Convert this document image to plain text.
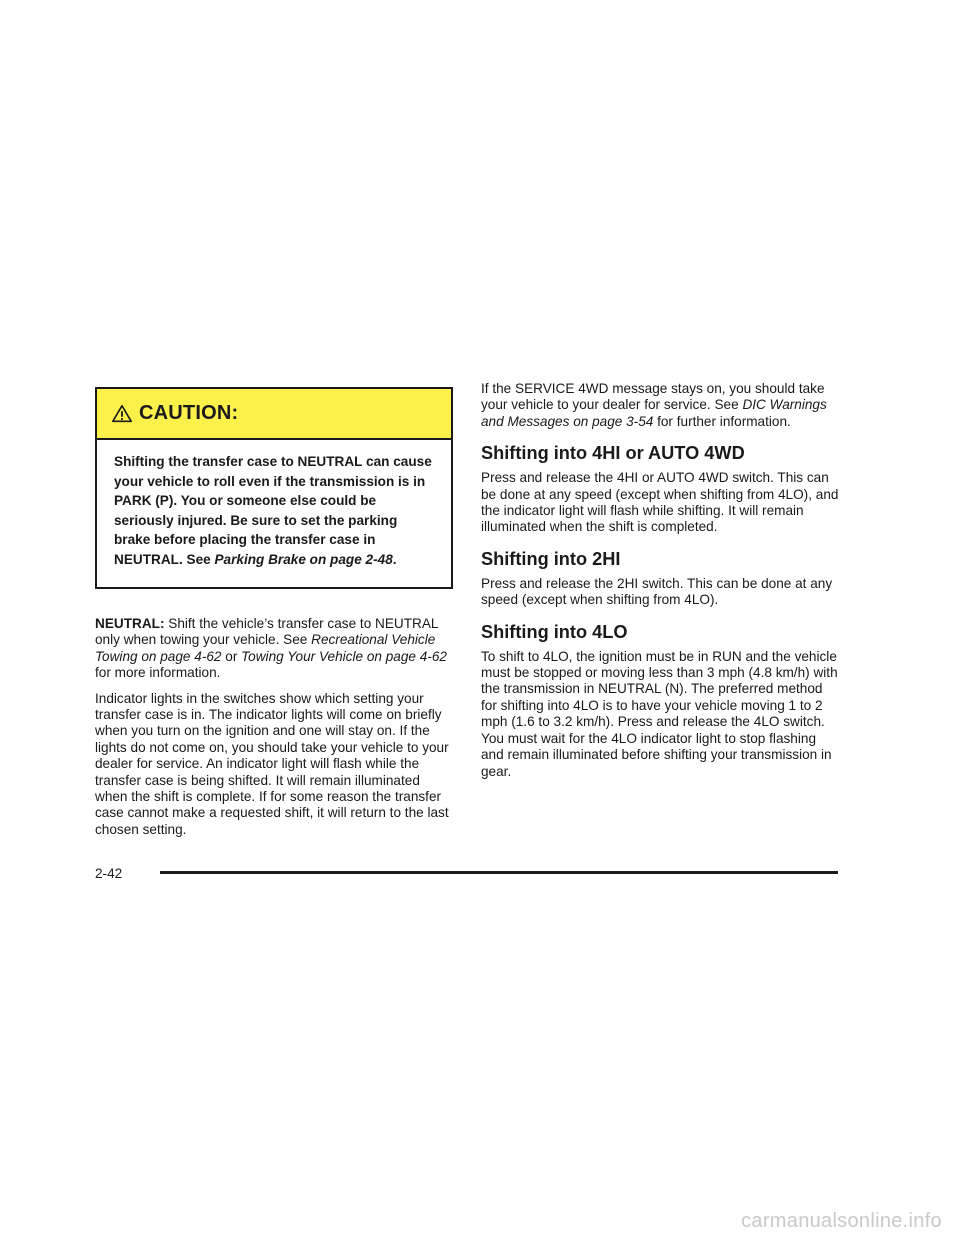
CAUTION:
Shifting the transfer case to NEUTRAL can cause your vehicle to roll even if the transmission is in PARK (P). You or someone else could be seriously injured. Be sure to set the parking brake before placing the transfer case in NEUTRAL. See Parking Brake on page 2-48.

NEUTRAL: Shift the vehicle’s transfer case to NEUTRAL only when towing your vehicle. See Recreational Vehicle Towing on page 4-62 or Towing Your Vehicle on page 4-62 for more information.

Indicator lights in the switches show which setting your transfer case is in. The indicator lights will come on briefly when you turn on the ignition and one will stay on. If the lights do not come on, you should take your vehicle to your dealer for service. An indicator light will flash while the transfer case is being shifted. It will remain illuminated when the shift is complete. If for some reason the transfer case cannot make a requested shift, it will return to the last chosen setting.

If the SERVICE 4WD message stays on, you should take your vehicle to your dealer for service. See DIC Warnings and Messages on page 3-54 for further information.

Shifting into 4HI or AUTO 4WD

Press and release the 4HI or AUTO 4WD switch. This can be done at any speed (except when shifting from 4LO), and the indicator light will flash while shifting. It will remain illuminated when the shift is completed.

Shifting into 2HI

Press and release the 2HI switch. This can be done at any speed (except when shifting from 4LO).

Shifting into 4LO

To shift to 4LO, the ignition must be in RUN and the vehicle must be stopped or moving less than 3 mph (4.8 km/h) with the transmission in NEUTRAL (N). The preferred method for shifting into 4LO is to have your vehicle moving 1 to 2 mph (1.6 to 3.2 km/h). Press and release the 4LO switch. You must wait for the 4LO indicator light to stop flashing and remain illuminated before shifting your transmission in gear.

2-42
carmanualsonline.info
